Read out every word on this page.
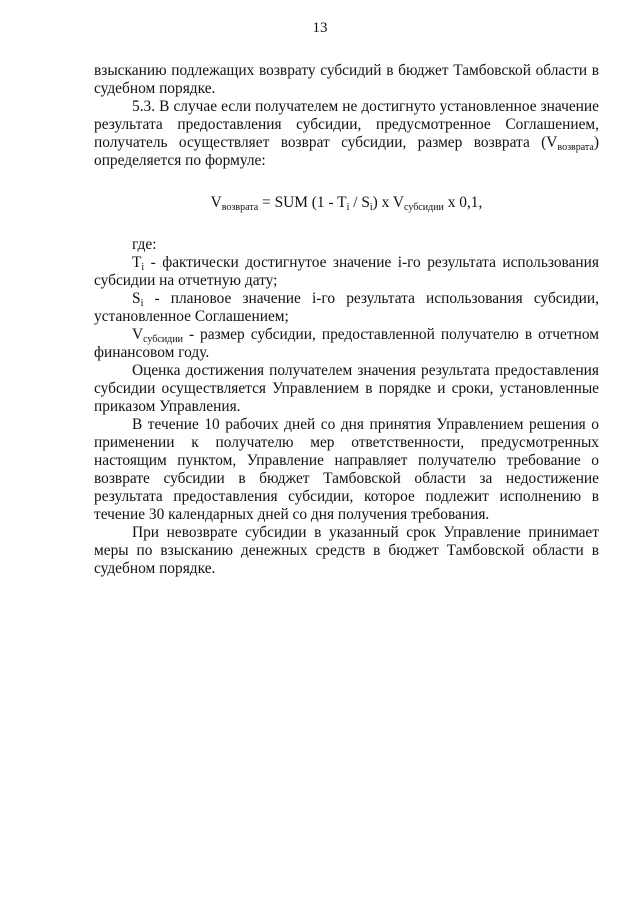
13

взысканию подлежащих возврату субсидий в бюджет Тамбовской области в судебном порядке.

5.3. В случае если получателем не достигнуто установленное значение результата предоставления субсидии, предусмотренное Соглашением, получатель осуществляет возврат субсидии, размер возврата $(V_{возврата})$ определяется по формуле:

$V_{возврата}$ = SUM $(1 - T_i / S_i)$ x $V_{субсидии}$ x 0,1,

где:

$T_i$ - фактически достигнутое значение i-го результата использования субсидии на отчетную дату;

$S_i$ - плановое значение i-го результата использования субсидии, установленное Соглашением;

$V_{субсидии}$ - размер субсидии, предоставленной получателю в отчетном финансовом году.

Оценка достижения получателем значения результата предоставления субсидии осуществляется Управлением в порядке и сроки, установленные приказом Управления.

В течение 10 рабочих дней со дня принятия Управлением решения о применении к получателю мер ответственности, предусмотренных настоящим пунктом, Управление направляет получателю требование о возврате субсидии в бюджет Тамбовской области за недостижение результата предоставления субсидии, которое подлежит исполнению в течение 30 календарных дней со дня получения требования.

При невозврате субсидии в указанный срок Управление принимает меры по взысканию денежных средств в бюджет Тамбовской области в судебном порядке.
